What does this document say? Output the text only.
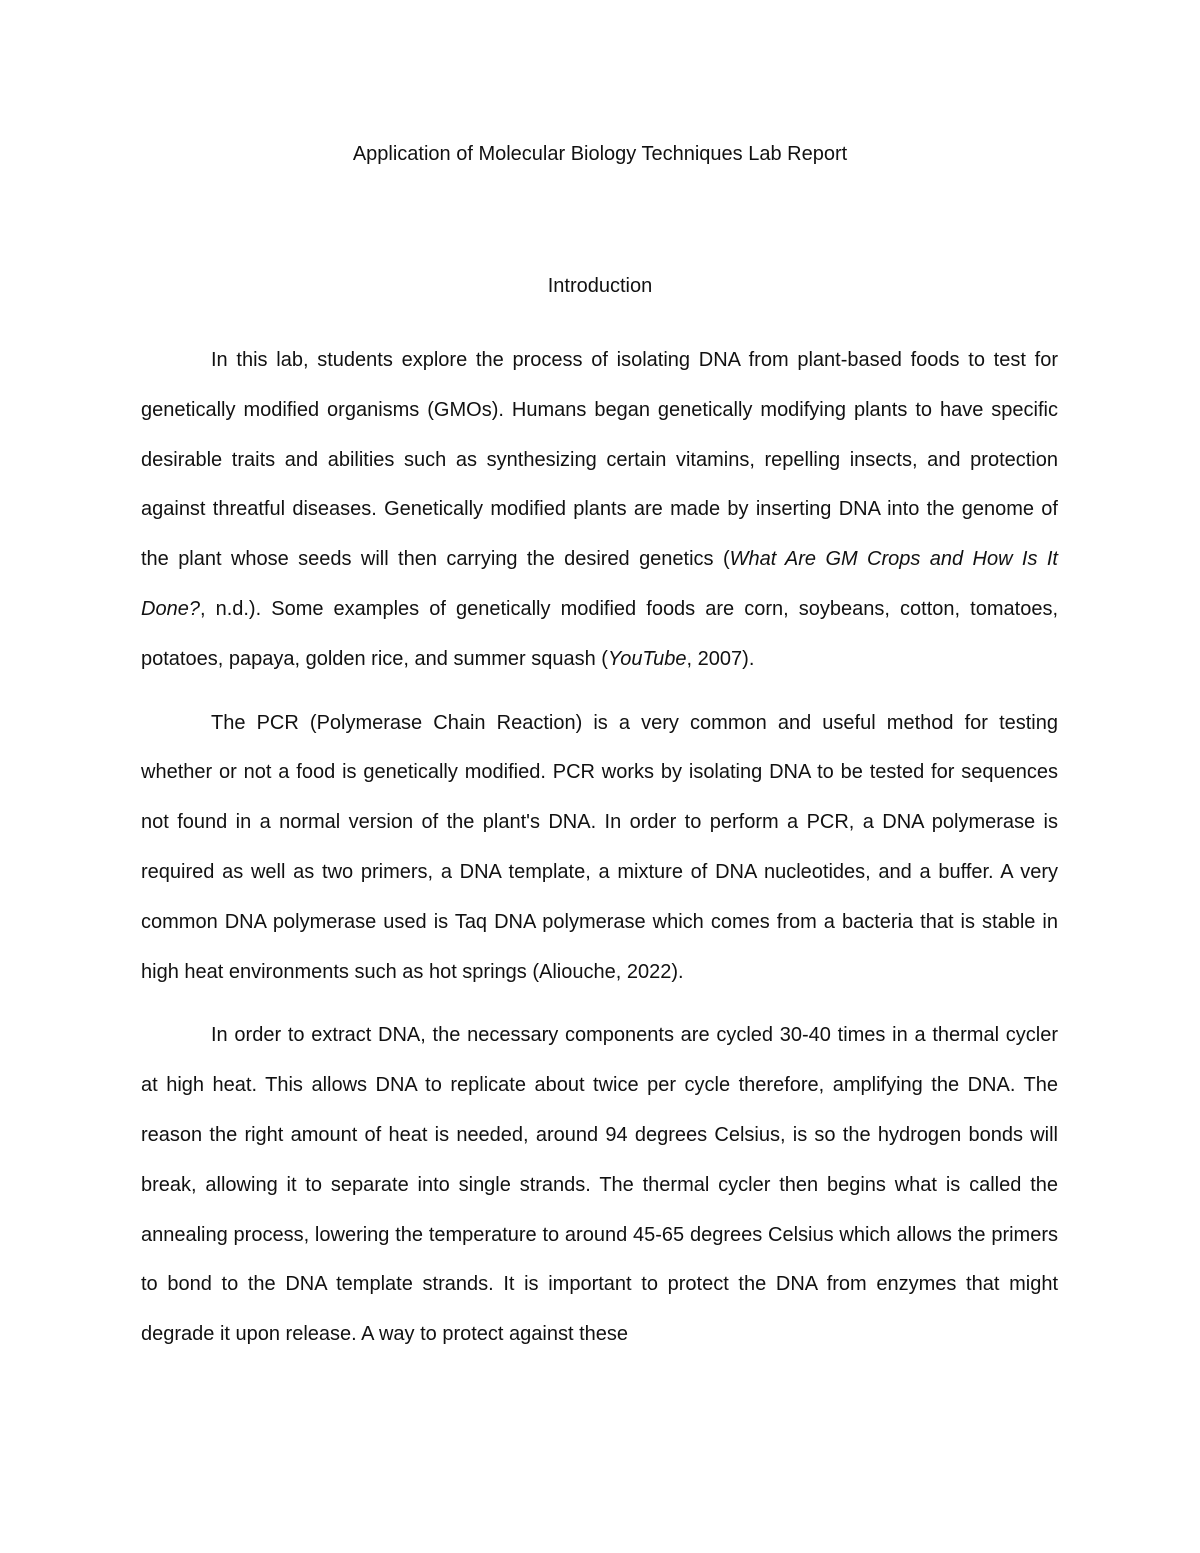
Application of Molecular Biology Techniques Lab Report
Introduction

In this lab, students explore the process of isolating DNA from plant-based foods to test for genetically modified organisms (GMOs). Humans began genetically modifying plants to have specific desirable traits and abilities such as synthesizing certain vitamins, repelling insects, and protection against threatful diseases. Genetically modified plants are made by inserting DNA into the genome of the plant whose seeds will then carrying the desired genetics (What Are GM Crops and How Is It Done?, n.d.). Some examples of genetically modified foods are corn, soybeans, cotton, tomatoes, potatoes, papaya, golden rice, and summer squash (YouTube, 2007).

The PCR (Polymerase Chain Reaction) is a very common and useful method for testing whether or not a food is genetically modified. PCR works by isolating DNA to be tested for sequences not found in a normal version of the plant's DNA. In order to perform a PCR, a DNA polymerase is required as well as two primers, a DNA template, a mixture of DNA nucleotides, and a buffer. A very common DNA polymerase used is Taq DNA polymerase which comes from a bacteria that is stable in high heat environments such as hot springs (Aliouche, 2022).

In order to extract DNA, the necessary components are cycled 30-40 times in a thermal cycler at high heat. This allows DNA to replicate about twice per cycle therefore, amplifying the DNA. The reason the right amount of heat is needed, around 94 degrees Celsius, is so the hydrogen bonds will break, allowing it to separate into single strands. The thermal cycler then begins what is called the annealing process, lowering the temperature to around 45-65 degrees Celsius which allows the primers to bond to the DNA template strands. It is important to protect the DNA from enzymes that might degrade it upon release. A way to protect against these
